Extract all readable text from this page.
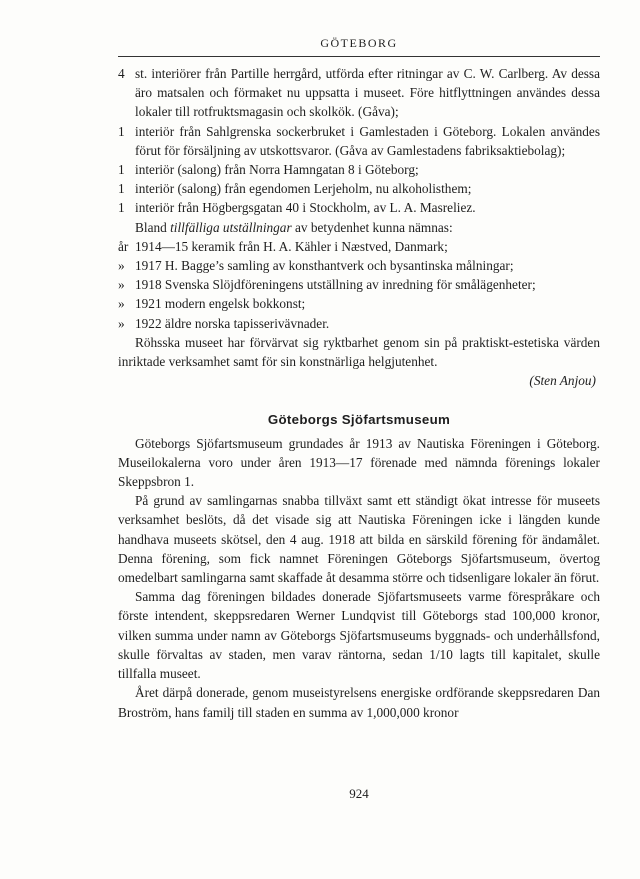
GÖTEBORG
4 st. interiörer från Partille herrgård, utförda efter ritningar av C. W. Carlberg. Av dessa äro matsalen och förmaket nu uppsatta i museet. Före hitflyttningen användes dessa lokaler till rotfruktsmagasin och skolkök. (Gåva);
1 interiör från Sahlgrenska sockerbruket i Gamlestaden i Göteborg. Lokalen användes förut för försäljning av utskottsvaror. (Gåva av Gamlestadens fabriksaktiebolag);
1 interiör (salong) från Norra Hamngatan 8 i Göteborg;
1 interiör (salong) från egendomen Lerjeholm, nu alkoholisthem;
1 interiör från Högbergsgatan 40 i Stockholm, av L. A. Masreliez.
Bland tillfälliga utställningar av betydenhet kunna nämnas:
år 1914—15 keramik från H. A. Kähler i Næstved, Danmark;
» 1917 H. Bagge’s samling av konsthantverk och bysantinska målningar;
» 1918 Svenska Slöjdföreningens utställning av inredning för smålägenheter;
» 1921 modern engelsk bokkonst;
» 1922 äldre norska tapisserivävnader.
Röhsska museet har förvärvat sig ryktbarhet genom sin på praktiskt-estetiska värden inriktade verksamhet samt för sin konstnärliga helgjutenhet.
(Sten Anjou)
Göteborgs Sjöfartsmuseum
Göteborgs Sjöfartsmuseum grundades år 1913 av Nautiska Föreningen i Göteborg. Museilokalerna voro under åren 1913—17 förenade med nämnda förenings lokaler Skeppsbron 1.
På grund av samlingarnas snabba tillväxt samt ett ständigt ökat intresse för museets verksamhet beslöts, då det visade sig att Nautiska Föreningen icke i längden kunde handhava museets skötsel, den 4 aug. 1918 att bilda en särskild förening för ändamålet. Denna förening, som fick namnet Föreningen Göteborgs Sjöfartsmuseum, övertog omedelbart samlingarna samt skaffade åt desamma större och tidsenligare lokaler än förut.
Samma dag föreningen bildades donerade Sjöfartsmuseets varme förespråkare och förste intendent, skeppsredaren Werner Lundqvist till Göteborgs stad 100,000 kronor, vilken summa under namn av Göteborgs Sjöfartsmuseums byggnads- och underhållsfond, skulle förvaltas av staden, men varav räntorna, sedan 1/10 lagts till kapitalet, skulle tillfalla museet.
Året därpå donerade, genom museistyrelsens energiske ordförande skeppsredaren Dan Broström, hans familj till staden en summa av 1,000,000 kronor
924
